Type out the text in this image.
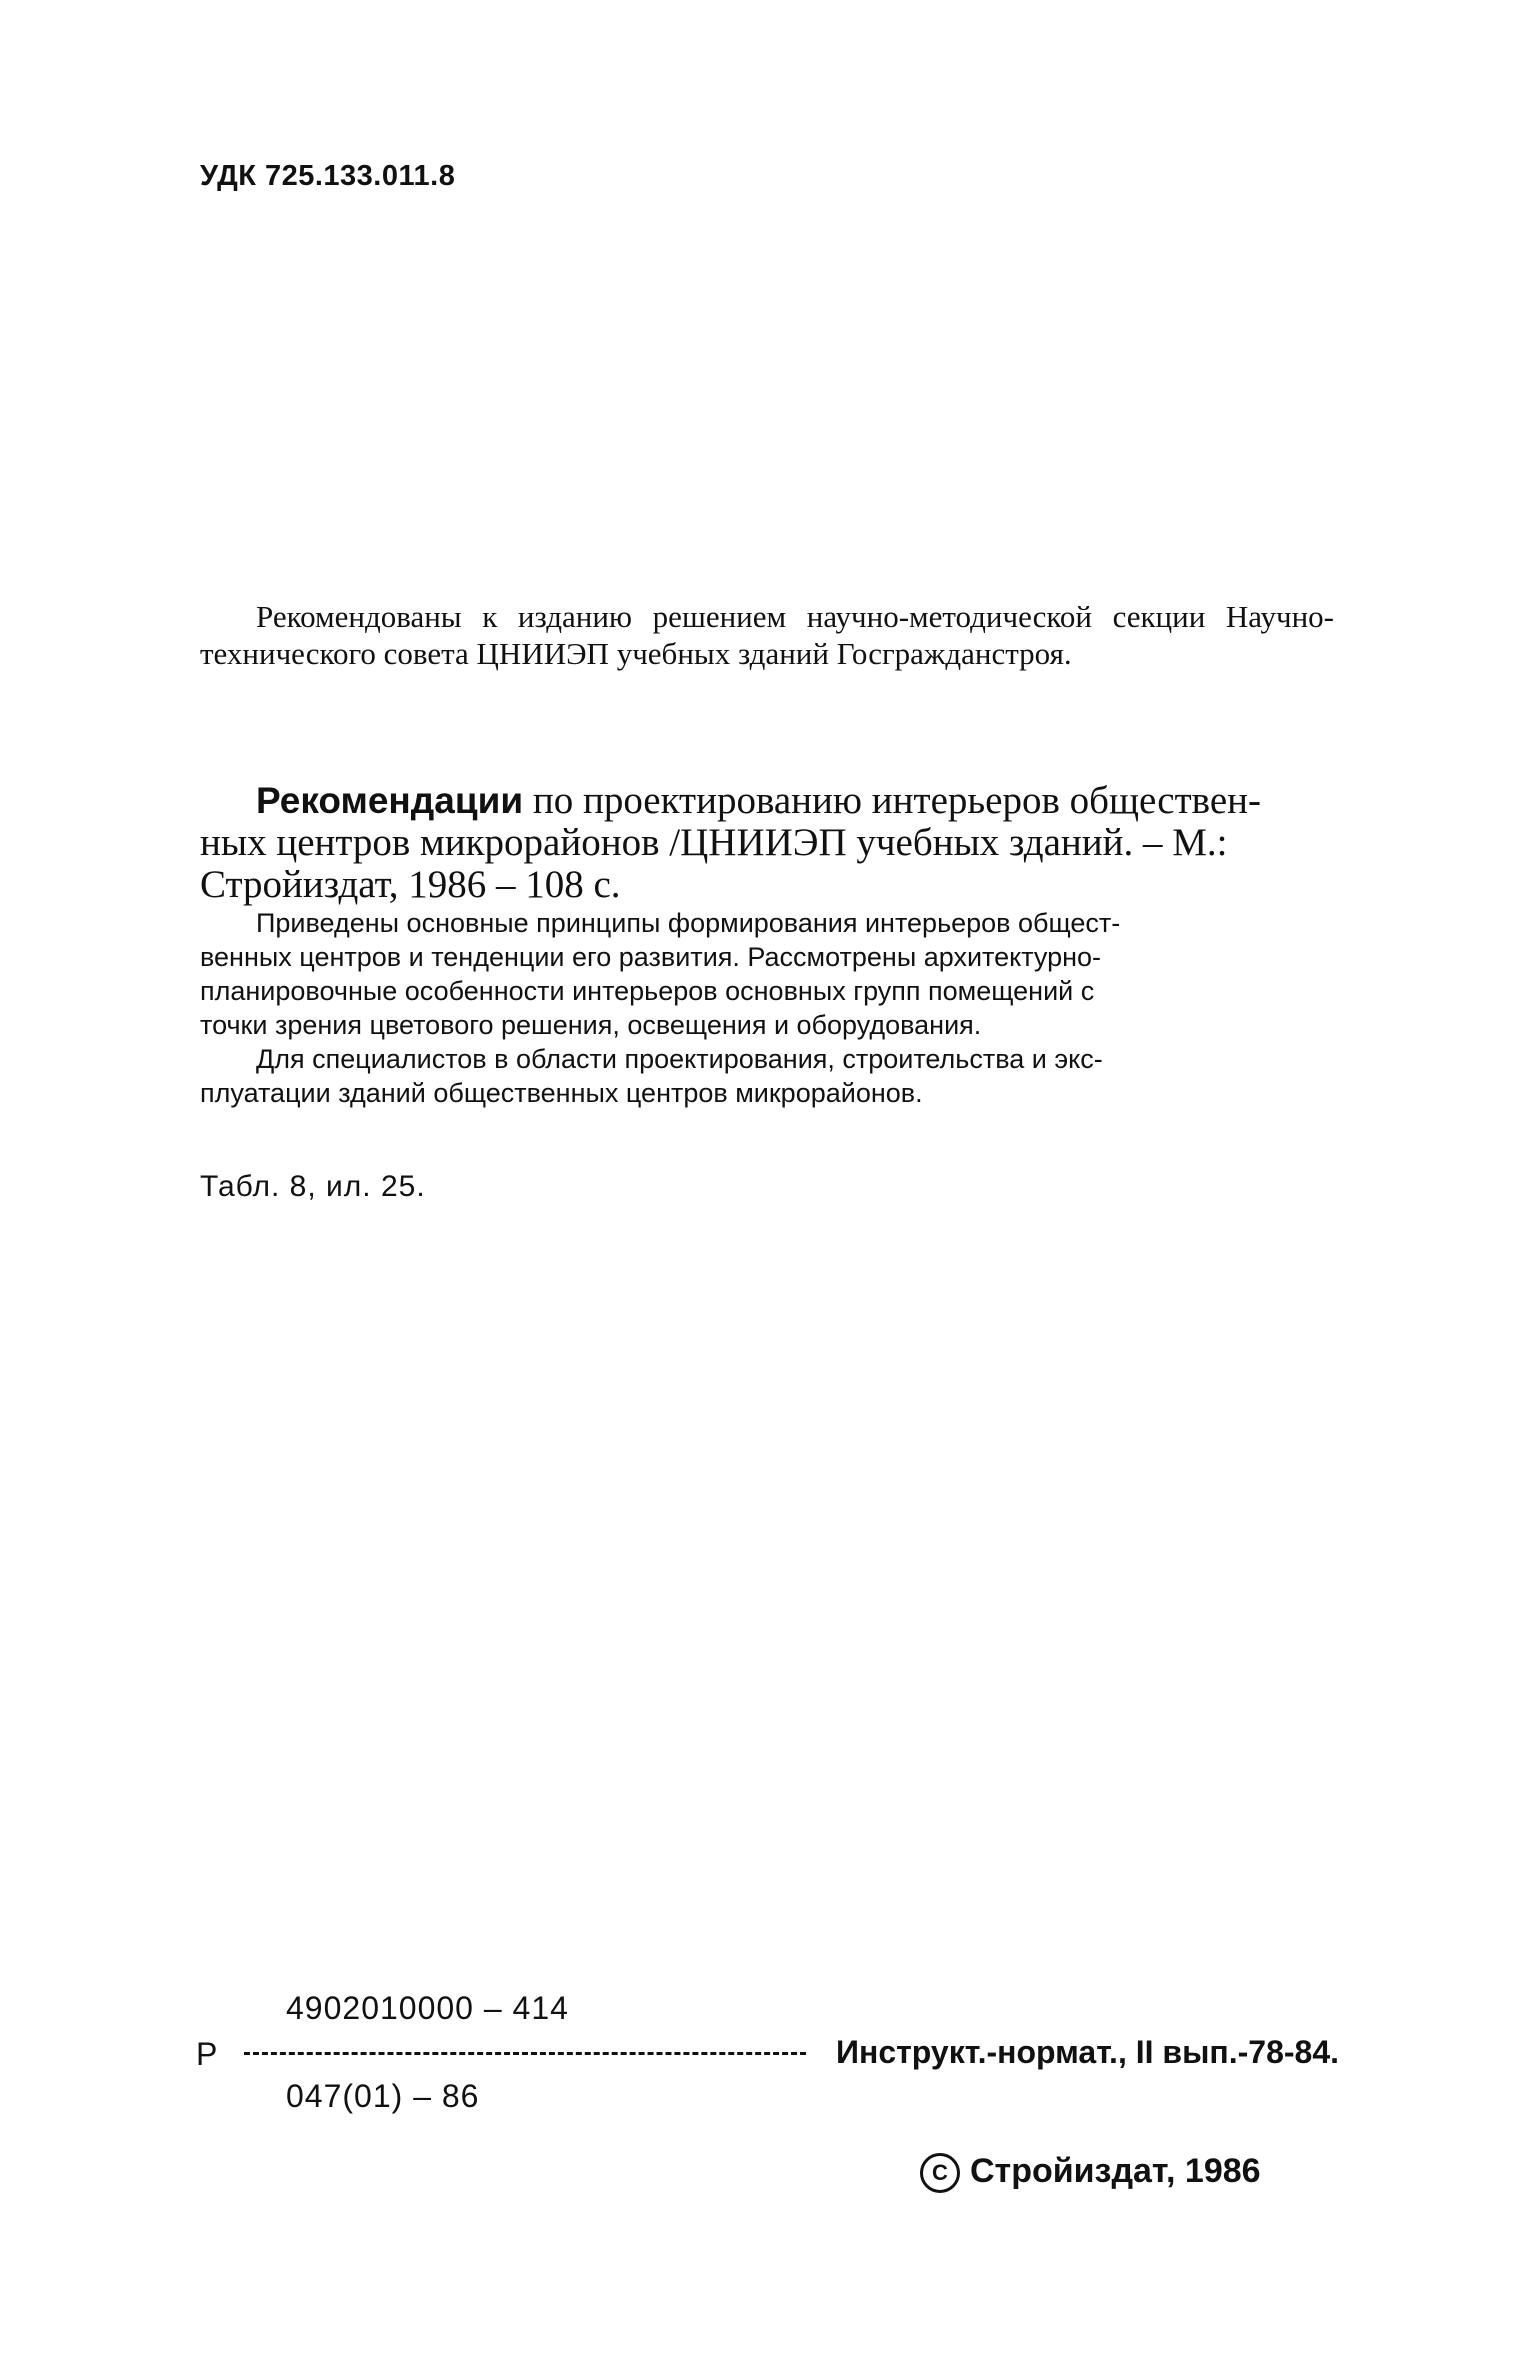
УДК 725.133.011.8

Рекомендованы к изданию решением научно-методической секции Научно-технического совета ЦНИИЭП учебных зданий Госгражданстроя.

Рекомендации по проектированию интерьеров обществен-
ных центров микрорайонов /ЦНИИЭП учебных зданий. – М.:
Стройиздат, 1986 – 108 с.
Приведены основные принципы формирования интерьеров общест-
венных центров и тенденции его развития. Рассмотрены архитектурно-
планировочные особенности интерьеров основных групп помещений с
точки зрения цветового решения, освещения и оборудования.
Для специалистов в области проектирования, строительства и экс-
плуатации зданий общественных центров микрорайонов.
Табл. 8, ил. 25.
4902010000 – 414
Р	Инструкт.-нормат., II вып.-78-84.
047(01) – 86
C Стройиздат, 1986
